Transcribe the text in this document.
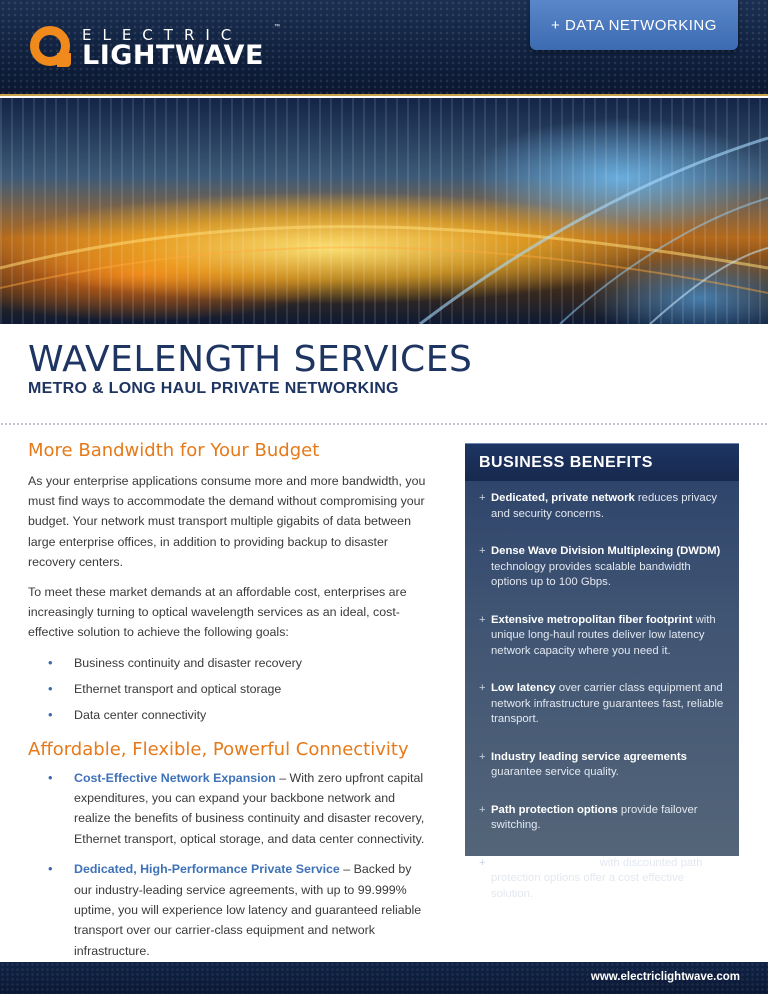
ELECTRIC
LIGHTWAVE
™	+ DATA NETWORKING
WAVELENGTH SERVICES
METRO & LONG HAUL PRIVATE NETWORKING
More Bandwidth for Your Budget

As your enterprise applications consume more and more bandwidth, you must find ways to accommodate the demand without compromising your budget. Your network must transport multiple gigabits of data between large enterprise offices, in addition to providing backup to disaster recovery centers.

To meet these market demands at an affordable cost, enterprises are increasingly turning to optical wavelength services as an ideal, cost-effective solution to achieve the following goals:

• Business continuity and disaster recovery
• Ethernet transport and optical storage
• Data center connectivity
Affordable, Flexible, Powerful Connectivity
• Cost-Effective Network Expansion – With zero upfront capital expenditures, you can expand your backbone network and realize the benefits of business continuity and disaster recovery, Ethernet transport, optical storage, and data center connectivity.
• Dedicated, High-Performance Private Service – Backed by our industry-leading service agreements, with up to 99.999% uptime, you will experience low latency and guaranteed reliable transport over our carrier-class equipment and network infrastructure.
BUSINESS BENEFITS
+ Dedicated, private network reduces privacy and security concerns.
+ Dense Wave Division Multiplexing (DWDM) technology provides scalable bandwidth options up to 100 Gbps.
+ Extensive metropolitan fiber footprint with unique long-haul routes deliver low latency network capacity where you need it.
+ Low latency over carrier class equipment and network infrastructure guarantees fast, reliable transport.
+ Industry leading service agreements guarantee service quality.
+ Path protection options provide failover switching.
+ Competitive pricing with discounted path protection options offer a cost effective solution.
www.electriclightwave.com
